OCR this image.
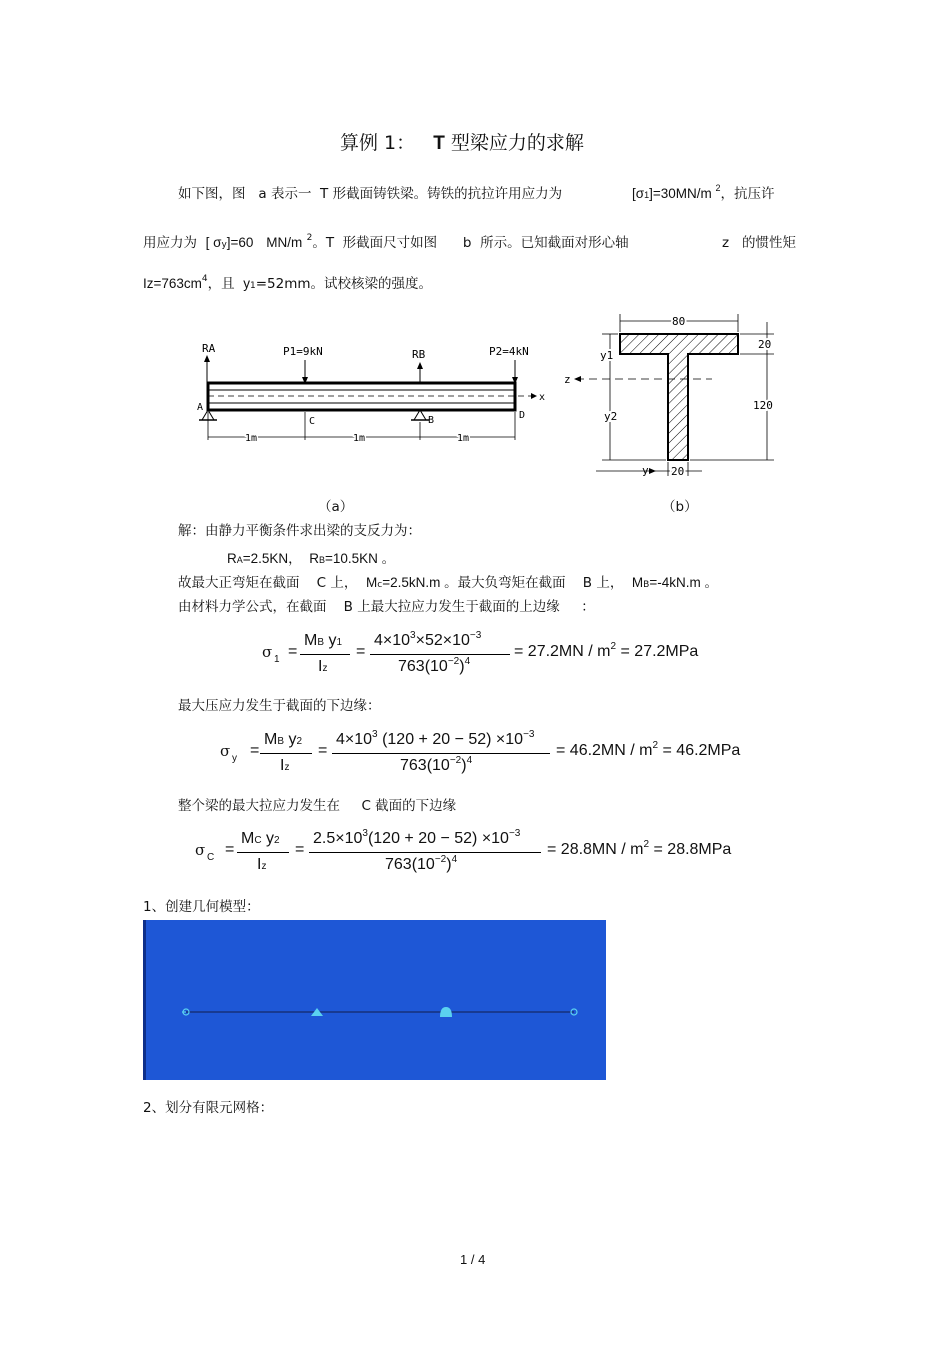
算例 1： T 型梁应力的求解
如下图，图 a 表示一 T 形截面铸铁梁。铸铁的抗拉许用应力为	[σ1]=30MN/m $^2$，抗压许
用应力为 [ σy]=60 MN/m $^2$。T 形截面尺寸如图 b 所示。已知截面对形心轴	z 的惯性矩
$Iz=763cm^4$，且 y1=52mm。试校核梁的强度。
RA	P1=9kN	RB	P2=4kN
x
A
C	B	D
1m	1m	1m
80
20
120
y1
y2
z
y 20
（a）	（b）
解：由静力平衡条件求出梁的支反力为：
RA=2.5KN， RB=10.5KN 。
故最大正弯矩在截面 C 上， Mc=2.5kN.m 。最大负弯矩在截面 B 上， MB=-4kN.m 。
由材料力学公式，在截面 B 上最大拉应力发生于截面的上边缘 ：
σ 1 =
MB y1
Iz
=
$4\times 10^3\times 52\times 10^{-3}$
$763(10^{-2})^4$
= $27.2MN / m^2 = 27.2MPa$
最大压应力发生于截面的下边缘：
σ y =
MB y2
Iz
=
$4\times 10^3$ $(120 + 20 - 52) \times 10^{-3}$
$763(10^{-2})^4$
= $46.2MN / m^2 = 46.2MPa$
整个梁的最大拉应力发生在 C 截面的下边缘
σ C =
MC y2
Iz
=
$2.5\times 10^3(120 + 20 - 52) \times 10^{-3}$
$763(10^{-2})^4$
= $28.8MN / m^2 = 28.8MPa$
1、创建几何模型：
2、划分有限元网格：
1 / 4
